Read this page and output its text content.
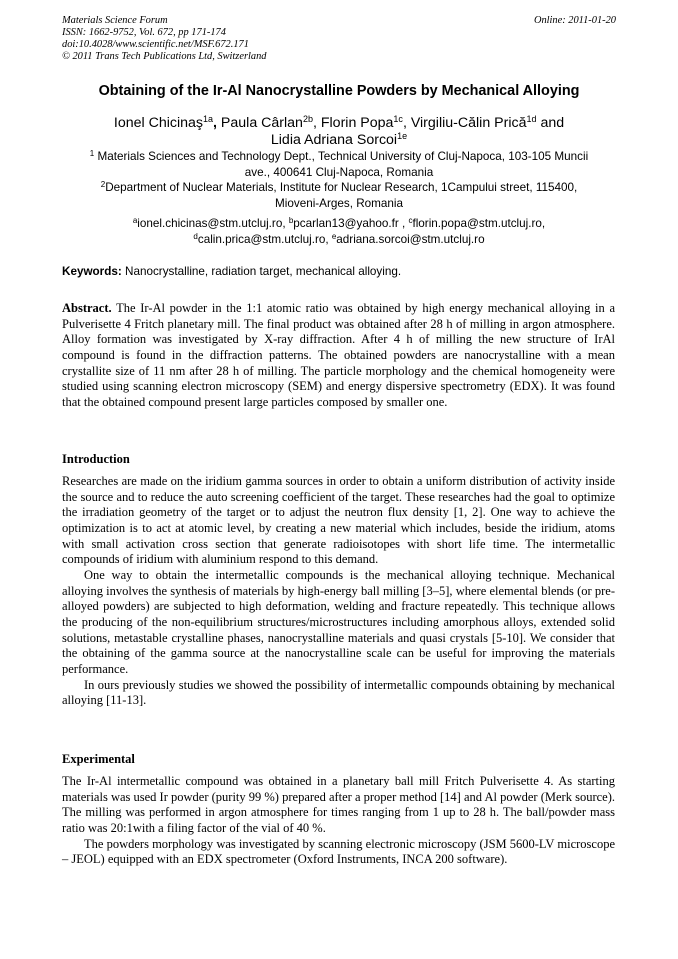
Materials Science Forum
ISSN: 1662-9752, Vol. 672, pp 171-174
doi:10.4028/www.scientific.net/MSF.672.171
© 2011 Trans Tech Publications Ltd, Switzerland
Online: 2011-01-20
Obtaining of the Ir-Al Nanocrystalline Powders by Mechanical Alloying
Ionel Chicinaş$^{1a}$, Paula Cârlan$^{2b}$, Florin Popa$^{1c}$, Virgiliu-Călin Prică$^{1d}$ and
Lidia Adriana Sorcoi$^{1e}$
$^1$ Materials Sciences and Technology Dept., Technical University of Cluj-Napoca, 103-105 Muncii
ave., 400641 Cluj-Napoca, Romania
$^2$Department of Nuclear Materials, Institute for Nuclear Research, 1Campului street, 115400,
Mioveni-Arges, Romania
$^a$ionel.chicinas@stm.utcluj.ro, $^b$pcarlan13@yahoo.fr , $^c$florin.popa@stm.utcluj.ro,
$^d$calin.prica@stm.utcluj.ro, $^e$adriana.sorcoi@stm.utcluj.ro
Keywords: Nanocrystalline, radiation target, mechanical alloying.
Abstract. The Ir-Al powder in the 1:1 atomic ratio was obtained by high energy mechanical alloying in a Pulverisette 4 Fritch planetary mill. The final product was obtained after 28 h of milling in argon atmosphere. Alloy formation was investigated by X-ray diffraction. After 4 h of milling the new structure of IrAl compound is found in the diffraction patterns. The obtained powders are nanocrystalline with a mean crystallite size of 11 nm after 28 h of milling. The particle morphology and the chemical homogeneity were studied using scanning electron microscopy (SEM) and energy dispersive spectrometry (EDX). It was found that the obtained compound present large particles composed by smaller one.
Introduction
Researches are made on the iridium gamma sources in order to obtain a uniform distribution of activity inside the source and to reduce the auto screening coefficient of the target. These researches had the goal to optimize the irradiation geometry of the target or to adjust the neutron flux density [1, 2]. One way to achieve the optimization is to act at atomic level, by creating a new material which includes, beside the iridium, atoms with small activation cross section that generate radioisotopes with short life time. The intermetallic compounds of iridium with aluminium respond to this demand.
One way to obtain the intermetallic compounds is the mechanical alloying technique. Mechanical alloying involves the synthesis of materials by high-energy ball milling [3–5], where elemental blends (or pre-alloyed powders) are subjected to high deformation, welding and fracture repeatedly. This technique allows the producing of the non-equilibrium structures/microstructures including amorphous alloys, extended solid solutions, metastable crystalline phases, nanocrystalline materials and quasi crystals [5-10]. We consider that the obtaining of the gamma source at the nanocrystalline scale can be useful for improving the materials performance.
In ours previously studies we showed the possibility of intermetallic compounds obtaining by mechanical alloying [11-13].
Experimental
The Ir-Al intermetallic compound was obtained in a planetary ball mill Fritch Pulverisette 4. As starting materials was used Ir powder (purity 99 %) prepared after a proper method [14] and Al powder (Merk source). The milling was performed in argon atmosphere for times ranging from 1 up to 28 h. The ball/powder mass ratio was 20:1with a filing factor of the vial of 40 %.
The powders morphology was investigated by scanning electronic microscopy (JSM 5600-LV microscope – JEOL) equipped with an EDX spectrometer (Oxford Instruments, INCA 200 software).
